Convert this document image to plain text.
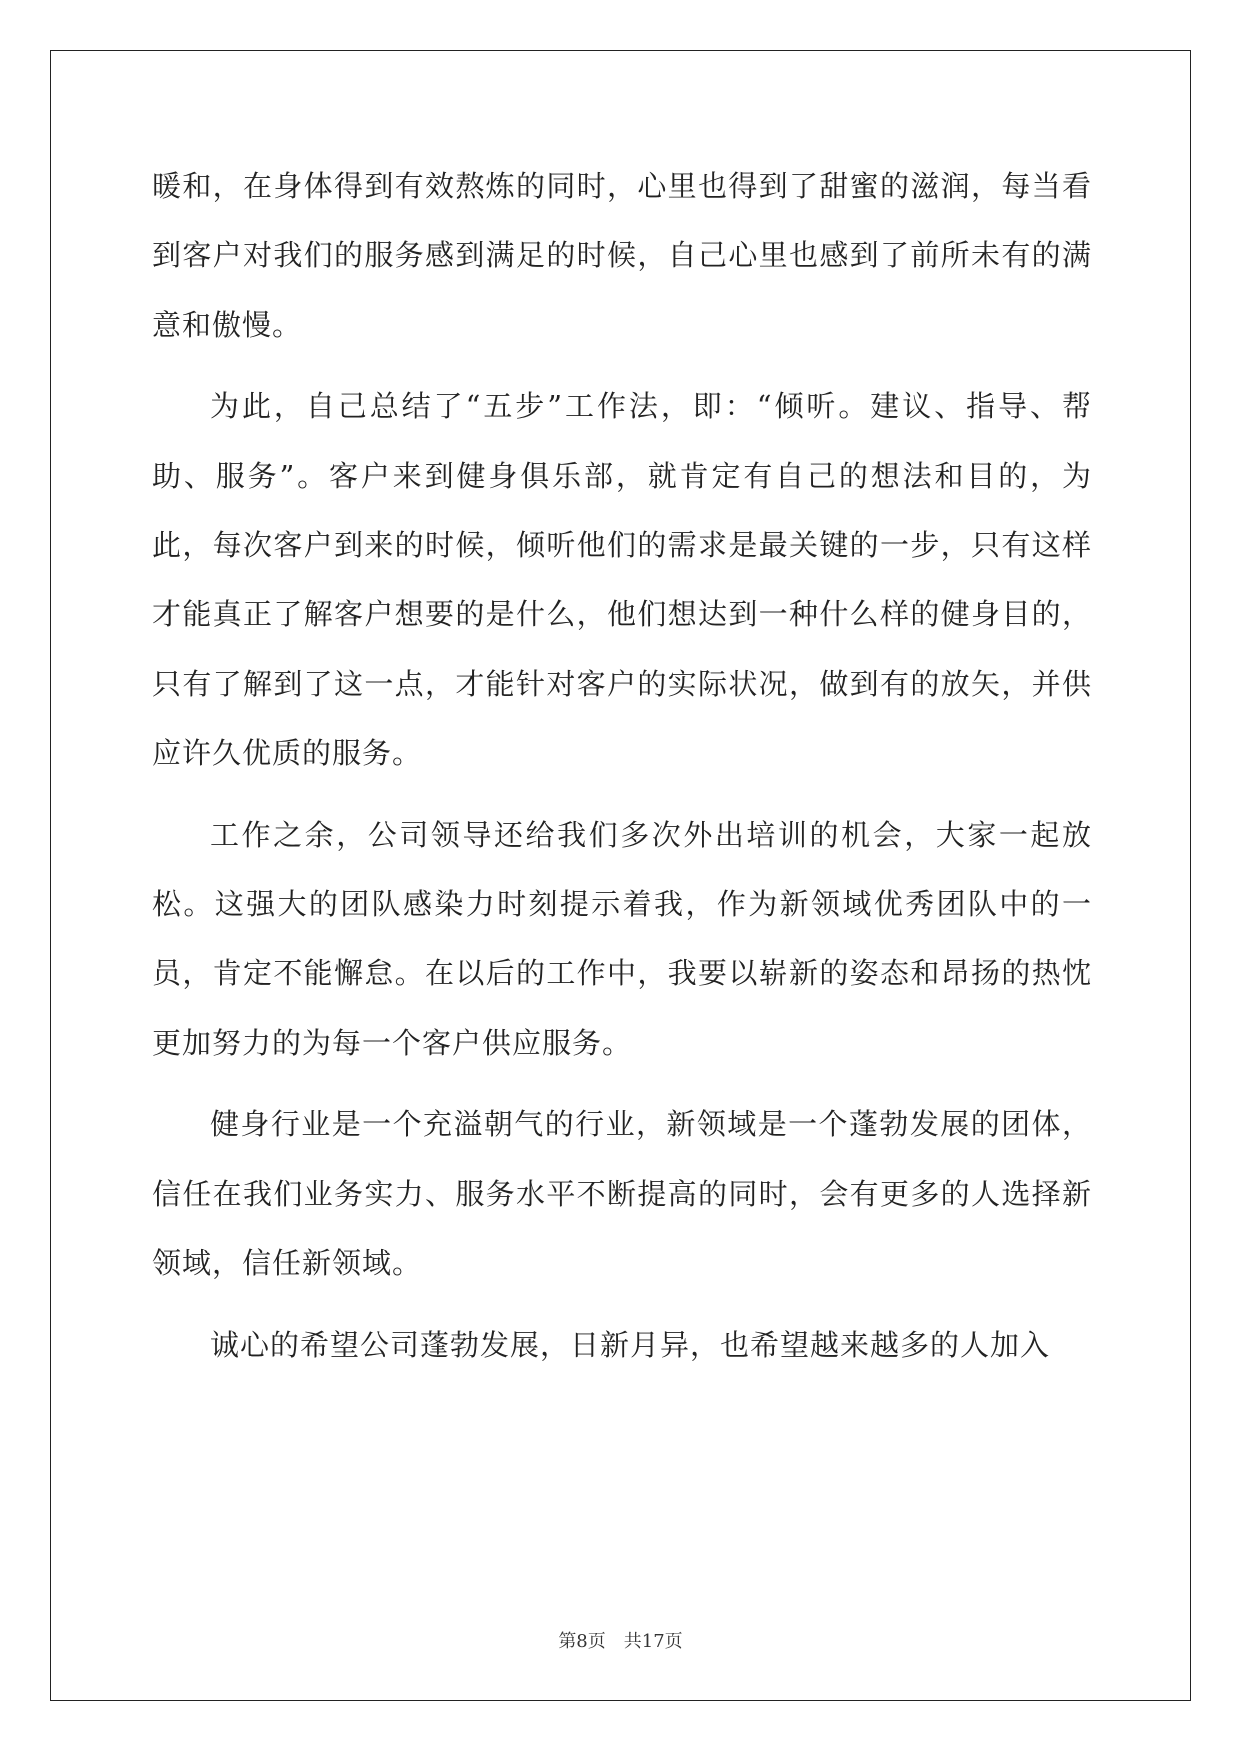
暖和，在身体得到有效熬炼的同时，心里也得到了甜蜜的滋润，每当看到客户对我们的服务感到满足的时候，自己心里也感到了前所未有的满意和傲慢。

为此，自己总结了“五步”工作法，即：“倾听。建议、指导、帮助、服务”。客户来到健身俱乐部，就肯定有自己的想法和目的，为此，每次客户到来的时候，倾听他们的需求是最关键的一步，只有这样才能真正了解客户想要的是什么，他们想达到一种什么样的健身目的，只有了解到了这一点，才能针对客户的实际状况，做到有的放矢，并供应许久优质的服务。

工作之余，公司领导还给我们多次外出培训的机会，大家一起放松。这强大的团队感染力时刻提示着我，作为新领域优秀团队中的一员，肯定不能懈怠。在以后的工作中，我要以崭新的姿态和昂扬的热忱更加努力的为每一个客户供应服务。

健身行业是一个充溢朝气的行业，新领域是一个蓬勃发展的团体，信任在我们业务实力、服务水平不断提高的同时，会有更多的人选择新领域，信任新领域。

诚心的希望公司蓬勃发展，日新月异，也希望越来越多的人加入

第8页 共17页
